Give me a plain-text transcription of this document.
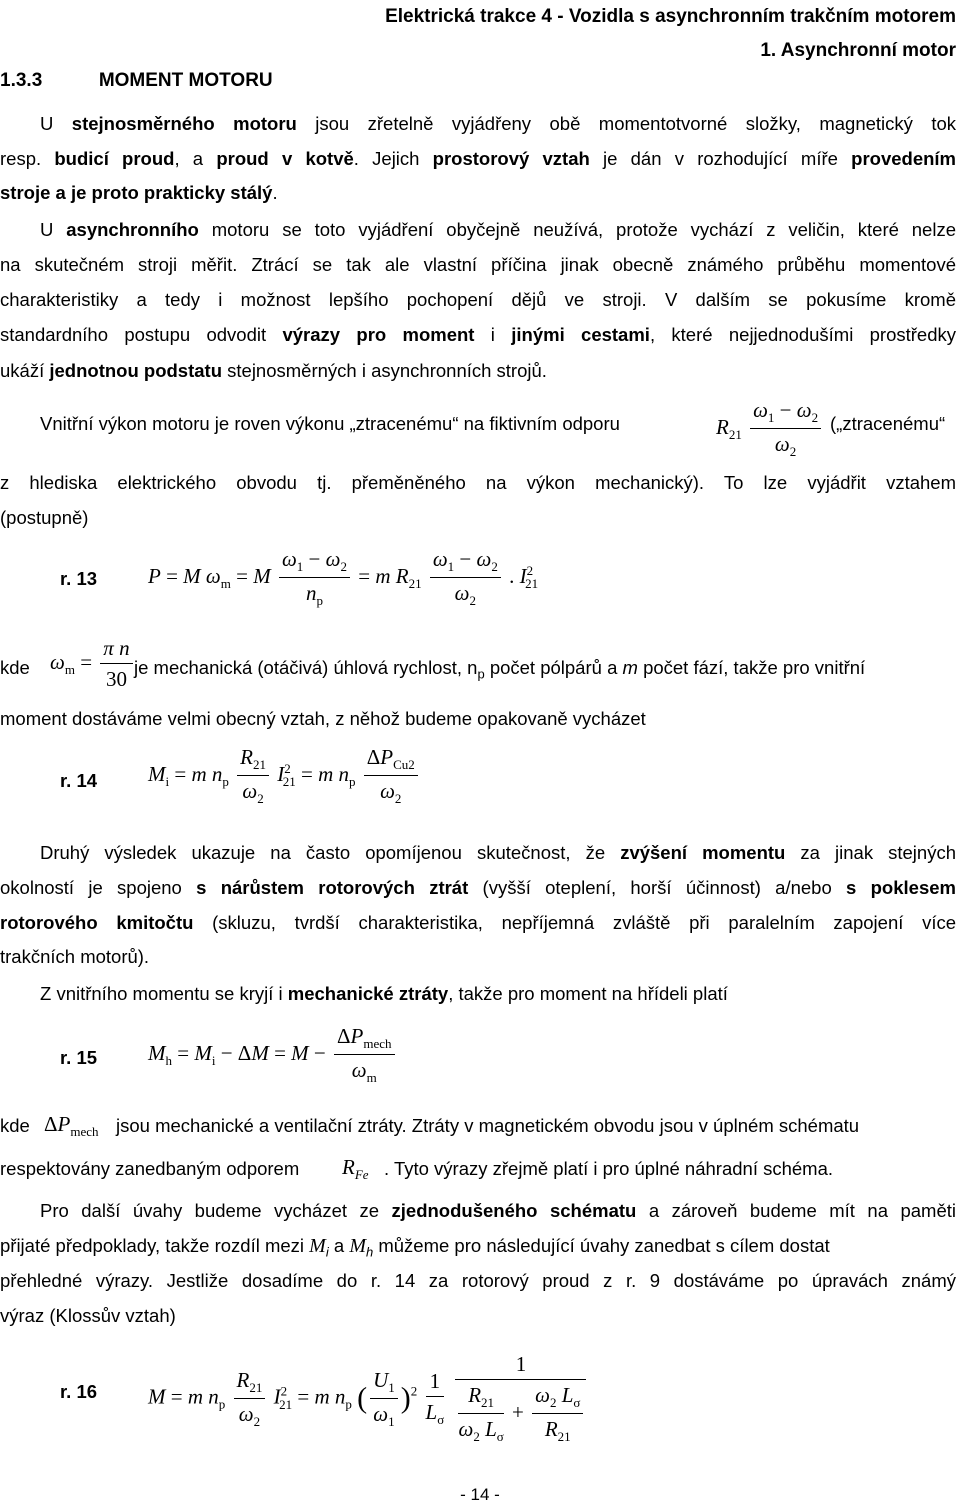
Elektrická trakce 4 - Vozidla s asynchronním trakčním motorem
1. Asynchronní motor
1.3.3	MOMENT MOTORU
U stejnosměrného motoru jsou zřetelně vyjádřeny obě momentotvorné složky, magnetický tok
resp. budicí proud, a proud v kotvě. Jejich prostorový vztah je dán v rozhodující míře provedením
stroje a je proto prakticky stálý.
U asynchronního motoru se toto vyjádření obyčejně neužívá, protože vychází z veličin, které nelze
na skutečném stroji měřit. Ztrácí se tak ale vlastní příčina jinak obecně známého průběhu momentové
charakteristiky a tedy i možnost lepšího pochopení dějů ve stroji. V dalším se pokusíme kromě
standardního postupu odvodit výrazy pro moment i jinými cestami, které nejjednodušími prostředky
ukáží jednotnou podstatu stejnosměrných i asynchronních strojů.
Vnitřní výkon motoru je roven výkonu „ztracenému“ na fiktivním odporu	$R_{21} \frac{\omega_1 - \omega_2}{\omega_2}$ („ztracenému“
z hlediska elektrického obvodu tj. přeměněného na výkon mechanický). To lze vyjádřit vztahem
(postupně)
r. 13 P = M $\omega_m = M \frac{\omega_1 - \omega_2}{n_p} = m$ $R_{21} \frac{\omega_1 - \omega_2}{\omega_2}$ . $I^2_{21}$
kde $\omega_m = \frac{\text{π n}}{30}$ je mechanická (otáčivá) úhlová rychlost, $n_p$ počet pólpárů a m počet fází, takže pro vnitřní
moment dostáváme velmi obecný vztah, z něhož budeme opakovaně vycházet
r. 14 $M_i = m$ $n_p \frac{R_{21}}{\omega_2} I^2_{21} = m$ $n_p \frac{\Delta P_{Cu2}}{\omega_2}$
Druhý výsledek ukazuje na často opomíjenou skutečnost, že zvýšení momentu za jinak stejných
okolností je spojeno s nárůstem rotorových ztrát (vyšší oteplení, horší účinnost) a/nebo s poklesem
rotorového kmitočtu (skluzu, tvrdší charakteristika, nepříjemná zvláště při paralelním zapojení více
trakčních motorů).
Z vnitřního momentu se kryjí i mechanické ztráty, takže pro moment na hřídeli platí
r. 15 $M_h = M_i - \Delta M = M - \frac{\Delta P_{mech}}{\omega_m}$
kde $\Delta P_{mech}$ jsou mechanické a ventilační ztráty. Ztráty v magnetickém obvodu jsou v úplném schématu
respektovány zanedbaným odporem $R_{Fe}$ . Tyto výrazy zřejmě platí i pro úplné náhradní schéma.
Pro další úvahy budeme vycházet ze zjednodušeného schématu a zároveň budeme mít na paměti
přijaté předpoklady, takže rozdíl mezi $M_i$ a $M_h$ můžeme pro následující úvahy zanedbat s cílem dostat
přehledné výrazy. Jestliže dosadíme do r. 14 za rotorový proud z r. 9 dostáváme po úpravách známý
výraz (Klossův vztah)
r. 16 M = m $n_p \frac{R_{21}}{\omega_2} I^2_{21} = m$ $n_p$ ( $\frac{U_1}{\omega_1} )^2 \frac{1}{L_\sigma}$
$\frac{1}{\frac{R_{21}}{\omega_2 L_\sigma} + \frac{\omega_2 L_\sigma}{R_{21}}}$
- 14 -
